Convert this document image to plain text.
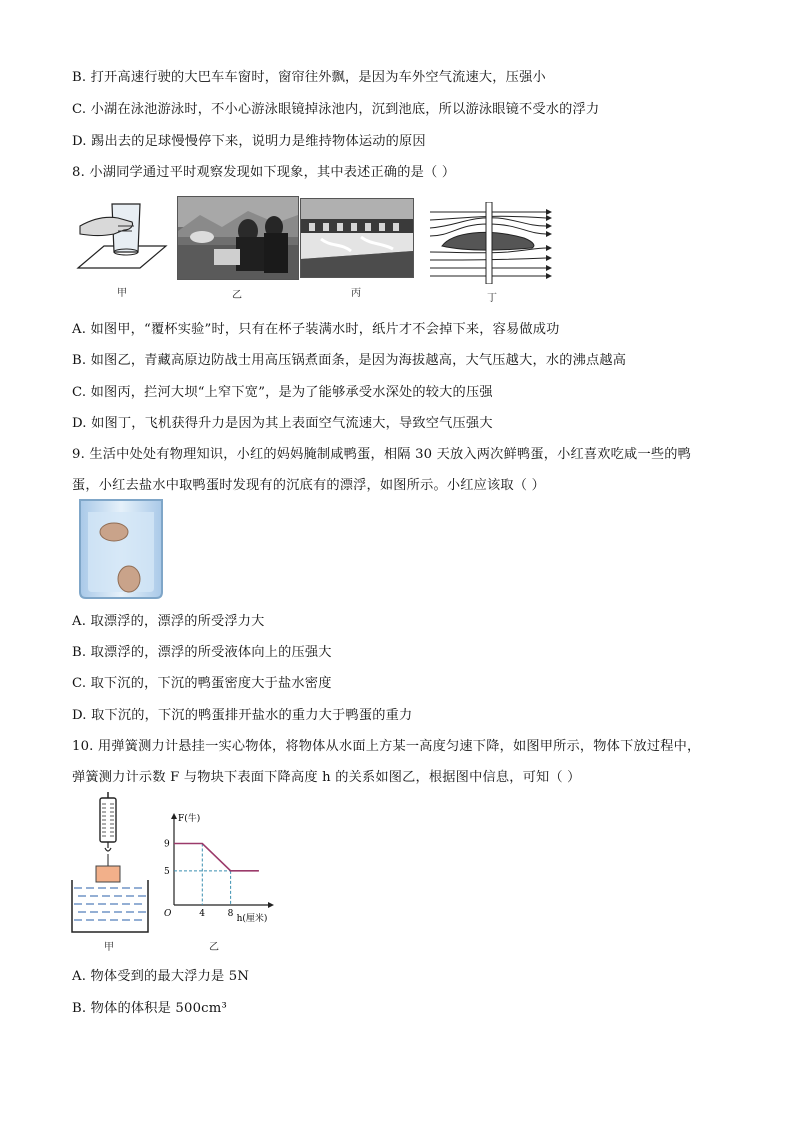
B. 打开高速行驶的大巴车车窗时，窗帘往外飘，是因为车外空气流速大，压强小
C. 小湖在泳池游泳时，不小心游泳眼镜掉泳池内，沉到池底，所以游泳眼镜不受水的浮力
D. 踢出去的足球慢慢停下来，说明力是维持物体运动的原因
8. 小湖同学通过平时观察发现如下现象，其中表述正确的是（ ）
甲	乙	丙	丁
A. 如图甲，“覆杯实验”时，只有在杯子装满水时，纸片才不会掉下来，容易做成功
B. 如图乙，青藏高原边防战士用高压锅煮面条，是因为海拔越高，大气压越大，水的沸点越高
C. 如图丙，拦河大坝“上窄下宽”，是为了能够承受水深处的较大的压强
D. 如图丁，飞机获得升力是因为其上表面空气流速大，导致空气压强大
9. 生活中处处有物理知识，小红的妈妈腌制咸鸭蛋，相隔 30 天放入两次鲜鸭蛋，小红喜欢吃咸一些的鸭
蛋，小红去盐水中取鸭蛋时发现有的沉底有的漂浮，如图所示。小红应该取（ ）
A. 取漂浮的，漂浮的所受浮力大
B. 取漂浮的，漂浮的所受液体向上的压强大
C. 取下沉的，下沉的鸭蛋密度大于盐水密度
D. 取下沉的，下沉的鸭蛋排开盐水的重力大于鸭蛋的重力
10. 用弹簧测力计悬挂一实心物体，将物体从水面上方某一高度匀速下降，如图甲所示，物体下放过程中，
弹簧测力计示数 F 与物块下表面下降高度 h 的关系如图乙，根据图中信息，可知（ ）
甲
F(牛)
h(厘米)
O	4	8
9
5
乙
A. 物体受到的最大浮力是 5N
B. 物体的体积是 500cm³
